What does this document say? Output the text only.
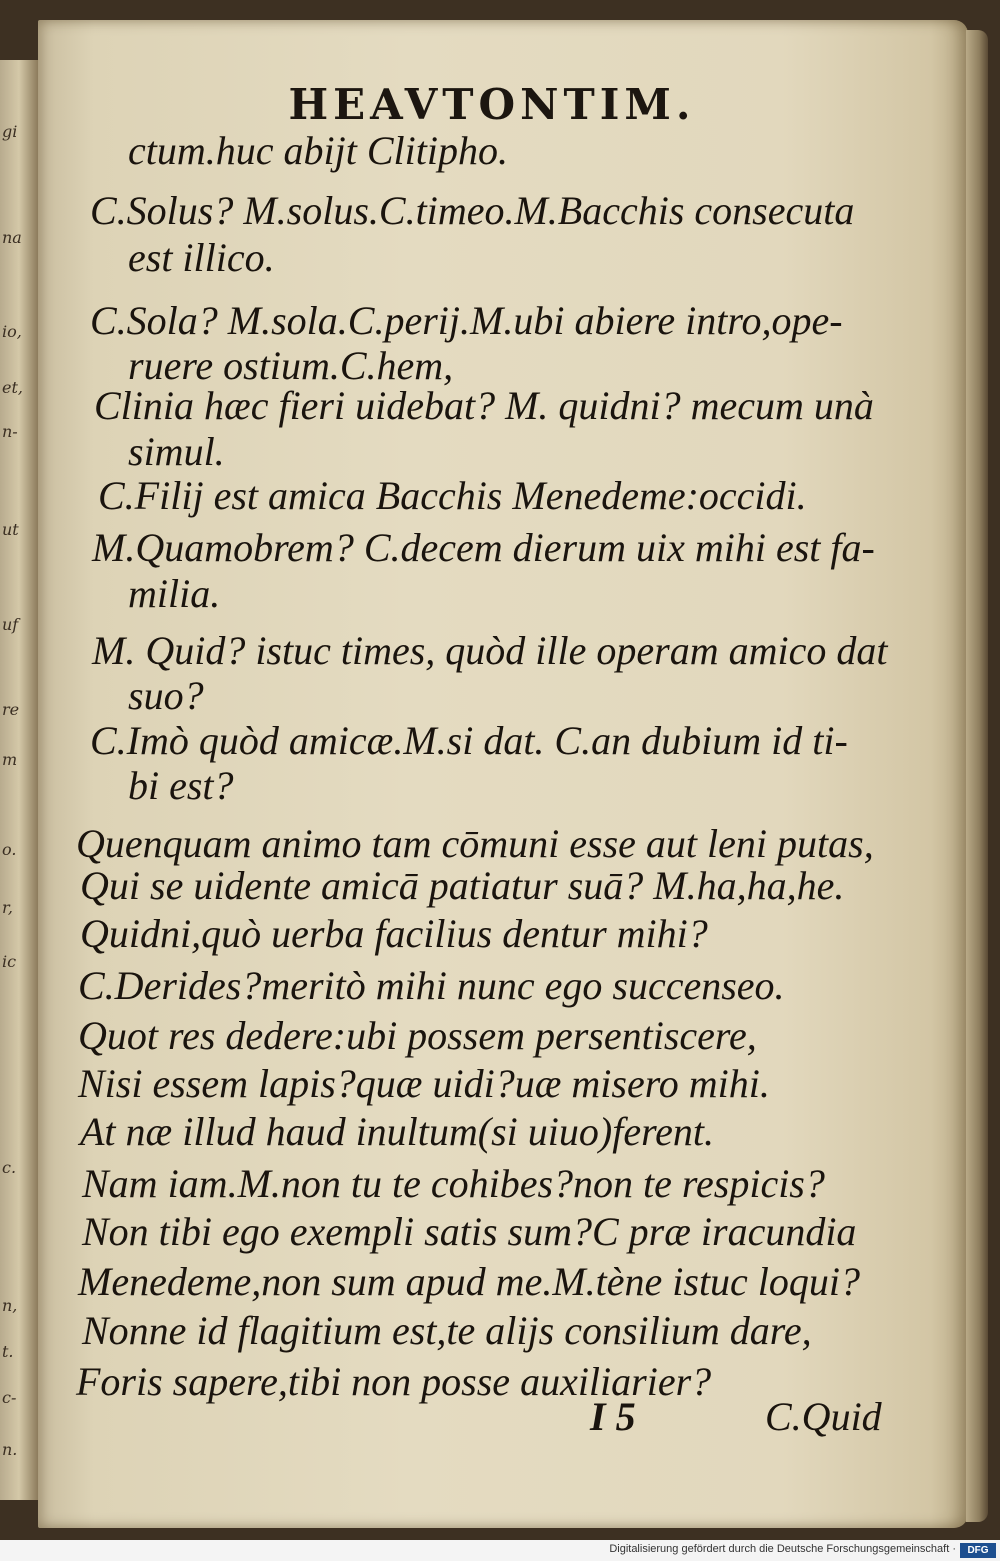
gi
na
io,
et,
n-
ut
uf
re
m
o.
r,
ic
c.
n,
t.
c-
n.
HEAVTONTIM.
ctum.huc abijt Clitipho.
C.Solus? M.solus.C.timeo.M.Bacchis consecuta
est illico.
C.Sola? M.sola.C.perij.M.ubi abiere intro,ope-
ruere ostium.C.hem,
Clinia hæc fieri uidebat? M. quidni? mecum unà
simul.
C.Filij est amica Bacchis Menedeme:occidi.
M.Quamobrem? C.decem dierum uix mihi est fa-
milia.
M. Quid? istuc times, quòd ille operam amico dat
suo?
C.Imò quòd amicæ.M.si dat. C.an dubium id ti-
bi est?
Quenquam animo tam cōmuni esse aut leni putas,
Qui se uidente amicā patiatur suā? M.ha,ha,he.
Quidni,quò uerba facilius dentur mihi?
C.Derides?meritò mihi nunc ego succenseo.
Quot res dedere:ubi possem persentiscere,
Nisi essem lapis?quæ uidi?uæ misero mihi.
At næ illud haud inultum(si uiuo)ferent.
Nam iam.M.non tu te cohibes?non te respicis?
Non tibi ego exempli satis sum?C præ iracundia
Menedeme,non sum apud me.M.tène istuc loqui?
Nonne id flagitium est,te alijs consilium dare,
Foris sapere,tibi non posse auxiliarier?
I 5	C.Quid
Digitalisierung gefördert durch die Deutsche Forschungsgemeinschaft ·	DFG
